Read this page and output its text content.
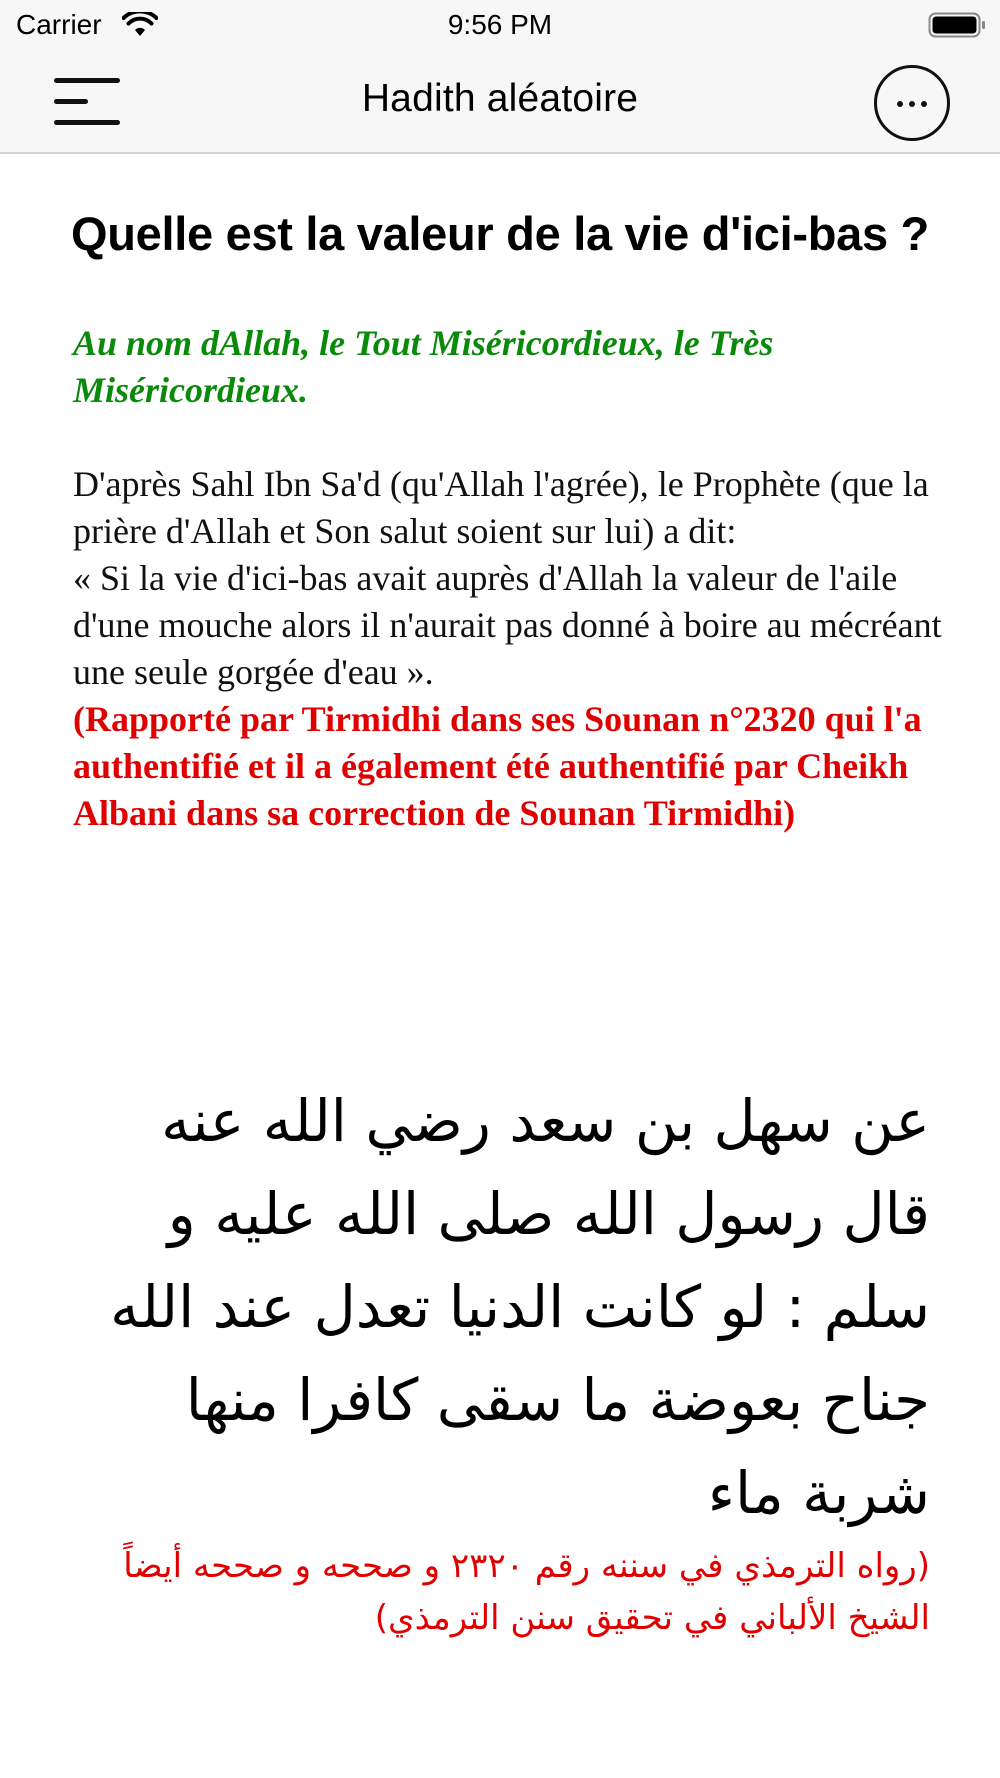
Carrier	9:56 PM
Hadith aléatoire
Quelle est la valeur de la vie d'ici-bas ?

Au nom dAllah, le Tout Miséricordieux, le Très Miséricordieux.

D'après Sahl Ibn Sa'd (qu'Allah l'agrée), le Prophète (que la prière d'Allah et Son salut soient sur lui) a dit:

« Si la vie d'ici-bas avait auprès d'Allah la valeur de l'aile d'une mouche alors il n'aurait pas donné à boire au mécréant une seule gorgée d'eau ».

(Rapporté par Tirmidhi dans ses Sounan n°2320 qui l'a authentifié et il a également été authentifié par Cheikh Albani dans sa correction de Sounan Tirmidhi)

عن سهل بن سعد رضي الله عنه قال رسول الله صلى الله عليه و سلم : لو كانت الدنيا تعدل عند الله جناح بعوضة ما سقى كافرا منها شربة ماء

(رواه الترمذي في سننه رقم ٢٣٢٠ و صححه و صححه أيضاً الشيخ الألباني في تحقيق سنن الترمذي)
